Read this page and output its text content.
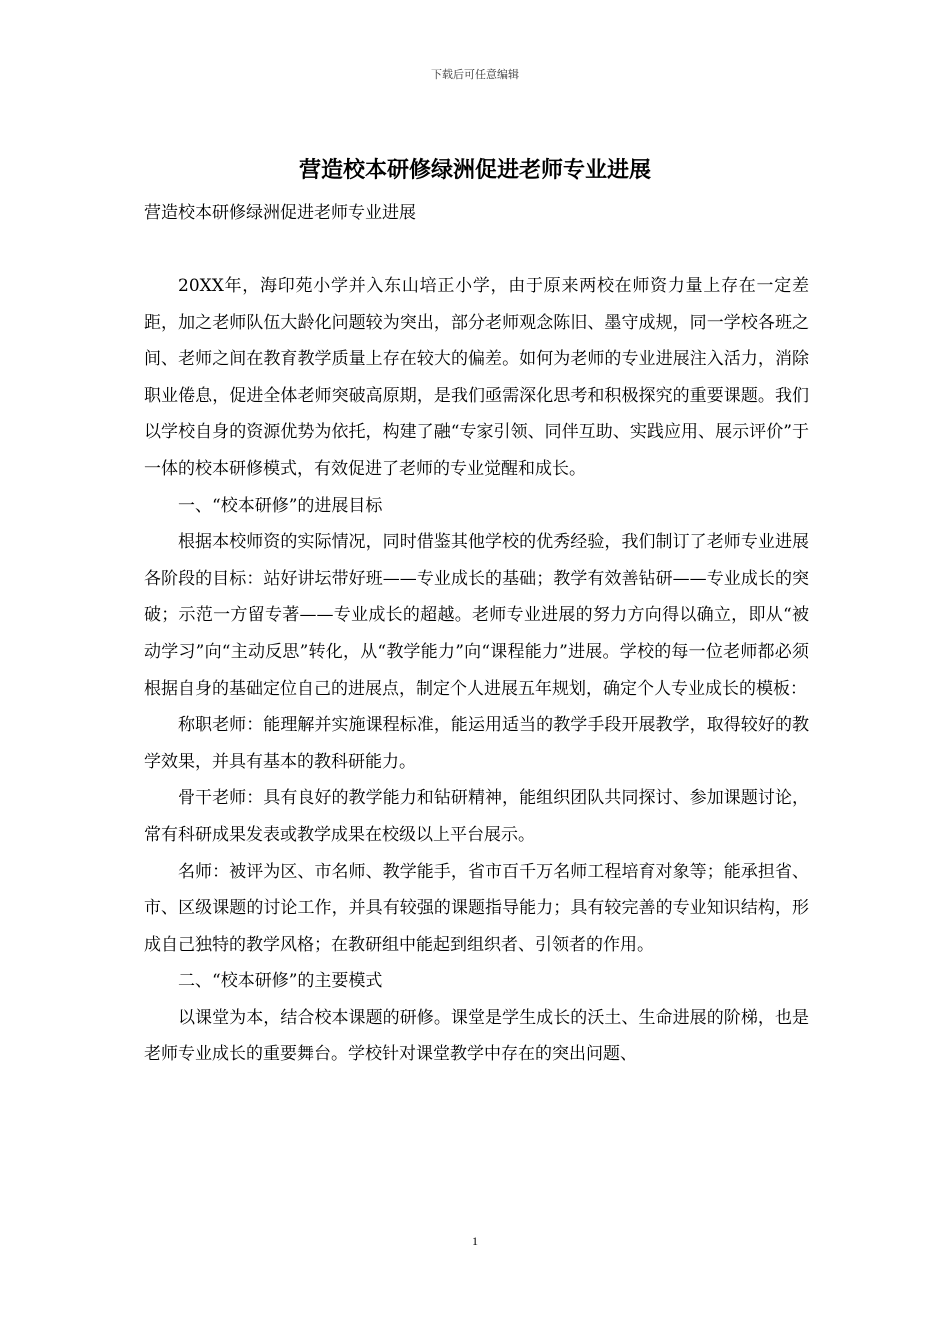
下载后可任意编辑
营造校本研修绿洲促进老师专业进展
营造校本研修绿洲促进老师专业进展

20XX年，海印苑小学并入东山培正小学，由于原来两校在师资力量上存在一定差距，加之老师队伍大龄化问题较为突出，部分老师观念陈旧、墨守成规，同一学校各班之间、老师之间在教育教学质量上存在较大的偏差。如何为老师的专业进展注入活力，消除职业倦息，促进全体老师突破高原期，是我们亟需深化思考和积极探究的重要课题。我们以学校自身的资源优势为依托，构建了融“专家引领、同伴互助、实践应用、展示评价”于一体的校本研修模式，有效促进了老师的专业觉醒和成长。

一、“校本研修”的进展目标

根据本校师资的实际情况，同时借鉴其他学校的优秀经验，我们制订了老师专业进展各阶段的目标：站好讲坛带好班——专业成长的基础；教学有效善钻研——专业成长的突破；示范一方留专著——专业成长的超越。老师专业进展的努力方向得以确立，即从“被动学习”向“主动反思”转化，从“教学能力”向“课程能力”进展。学校的每一位老师都必须根据自身的基础定位自己的进展点，制定个人进展五年规划，确定个人专业成长的模板：

称职老师：能理解并实施课程标准，能运用适当的教学手段开展教学，取得较好的教学效果，并具有基本的教科研能力。

骨干老师：具有良好的教学能力和钻研精神，能组织团队共同探讨、参加课题讨论，常有科研成果发表或教学成果在校级以上平台展示。

名师：被评为区、市名师、教学能手，省市百千万名师工程培育对象等；能承担省、市、区级课题的讨论工作，并具有较强的课题指导能力；具有较完善的专业知识结构，形成自己独特的教学风格；在教研组中能起到组织者、引领者的作用。

二、“校本研修”的主要模式

以课堂为本，结合校本课题的研修。课堂是学生成长的沃土、生命进展的阶梯，也是老师专业成长的重要舞台。学校针对课堂教学中存在的突出问题、

1
